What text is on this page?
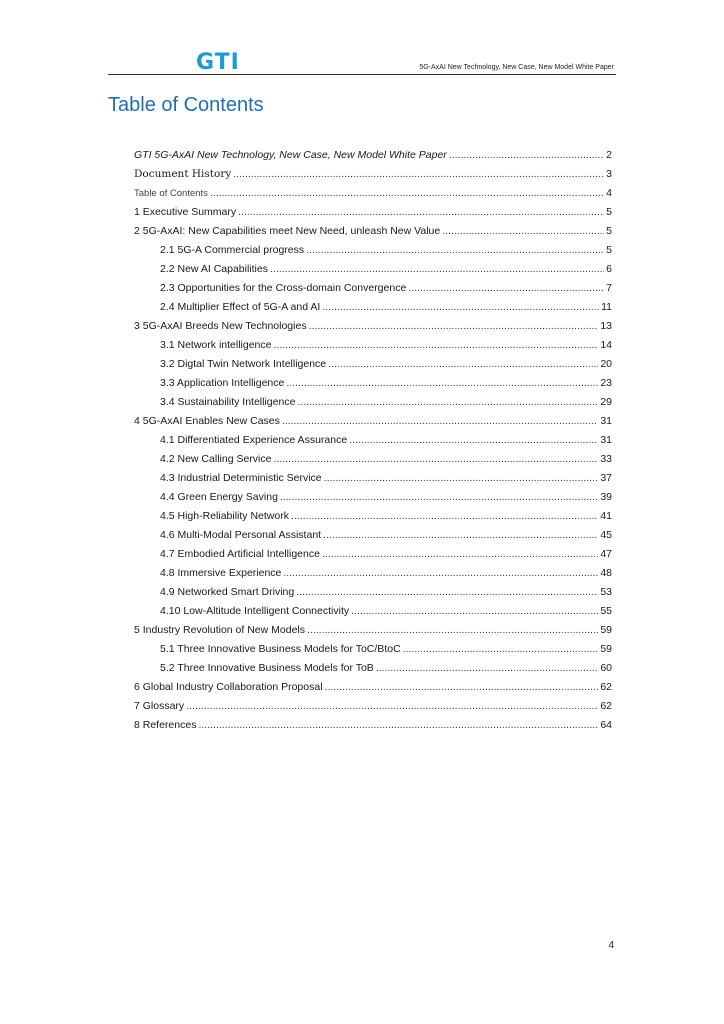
GTI	5G-AxAI New Technology, New Case, New Model White Paper
Table of Contents
GTI 5G-AxAI New Technology, New Case, New Model White Paper .....	2
Document History .....	3
Table of Contents .....	4
1 Executive Summary .....	5
2 5G-AxAI: New Capabilities meet New Need, unleash New Value .....	5
2.1 5G-A Commercial progress .....	5
2.2 New AI Capabilities .....	6
2.3 Opportunities for the Cross-domain Convergence .....	7
2.4 Multiplier Effect of 5G-A and AI .....	11
3 5G-AxAI Breeds New Technologies .....	13
3.1 Network intelligence .....	14
3.2 Digtal Twin Network Intelligence .....	20
3.3 Application Intelligence .....	23
3.4 Sustainability Intelligence .....	29
4 5G-AxAI Enables New Cases .....	31
4.1 Differentiated Experience Assurance .....	31
4.2 New Calling Service .....	33
4.3 Industrial Deterministic Service .....	37
4.4 Green Energy Saving .....	39
4.5 High-Reliability Network .....	41
4.6 Multi-Modal Personal Assistant .....	45
4.7 Embodied Artificial Intelligence .....	47
4.8 Immersive Experience .....	48
4.9 Networked Smart Driving .....	53
4.10 Low-Altitude Intelligent Connectivity .....	55
5 Industry Revolution of New Models .....	59
5.1 Three Innovative Business Models for ToC/BtoC .....	59
5.2 Three Innovative Business Models for ToB .....	60
6 Global Industry Collaboration Proposal .....	62
7 Glossary .....	62
8 References .....	64
4
